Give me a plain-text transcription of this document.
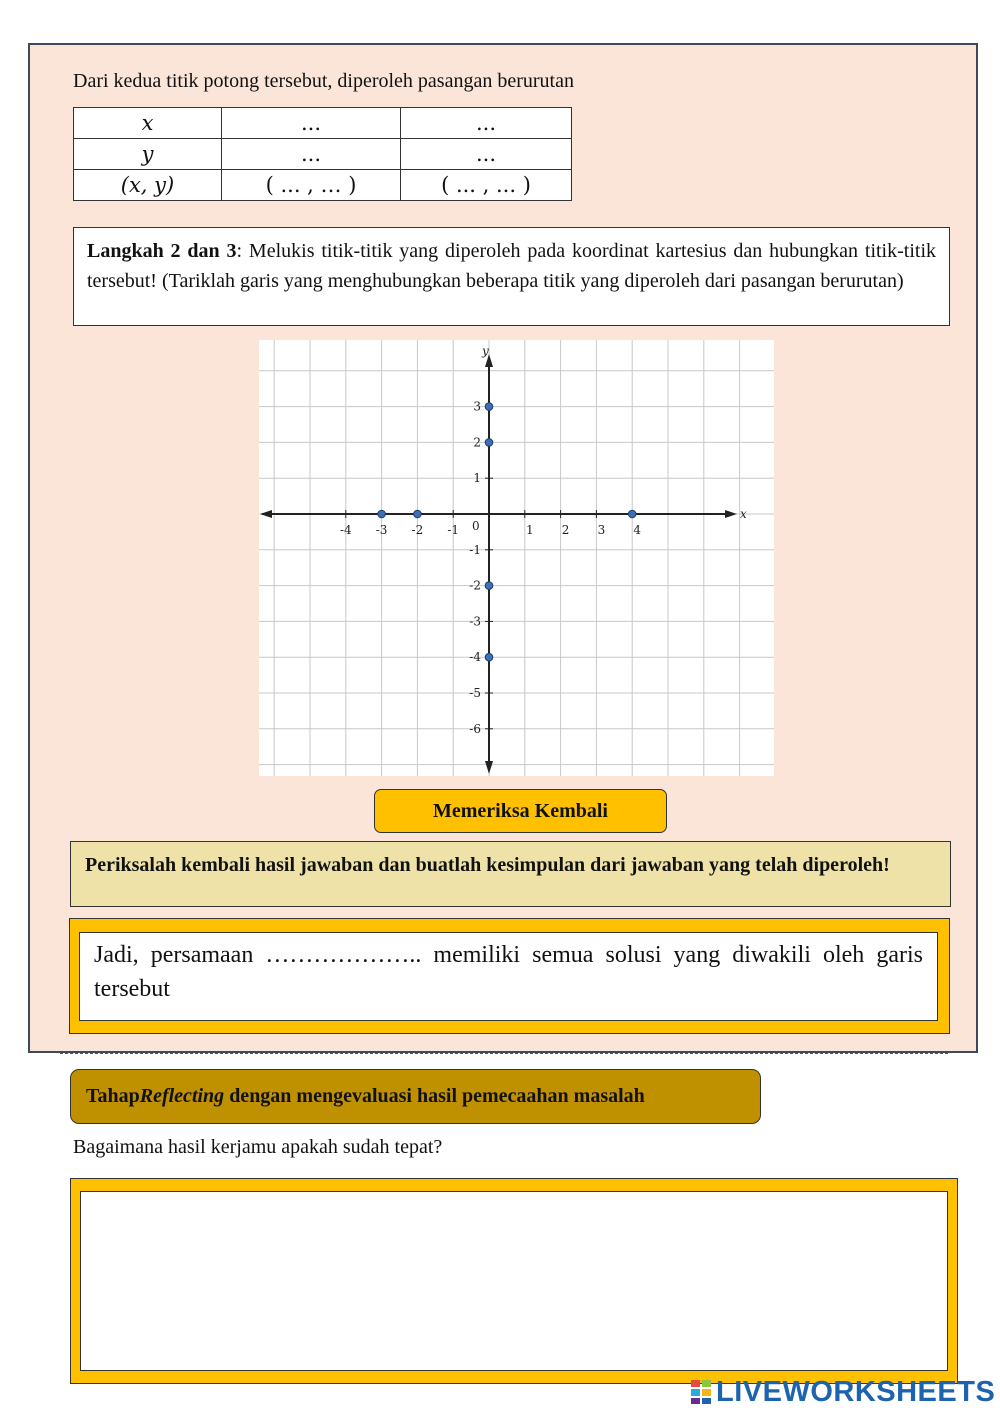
Dari kedua titik potong tersebut, diperoleh pasangan berurutan
x	...	...
y	...	...
(x, y)	( ... , … )	( ... , ... )
Langkah 2 dan 3: Melukis titik-titik yang diperoleh pada koordinat kartesius dan hubungkan titik-titik tersebut! (Tariklah garis yang menghubungkan beberapa titik yang diperoleh dari pasangan berurutan)
x
y
0
-4 -3 -2 -1	1 2 3 4
3
2
1
-1
-2
-3
-4
-5
-6
Memeriksa Kembali
Periksalah kembali hasil jawaban dan buatlah kesimpulan dari jawaban yang telah diperoleh!
Jadi, persamaan ……………….. memiliki semua solusi yang diwakili oleh garis tersebut
Tahap Reflecting dengan mengevaluasi hasil pemecaahan masalah
Bagaimana hasil kerjamu apakah sudah tepat?
LIVEWORKSHEETS
